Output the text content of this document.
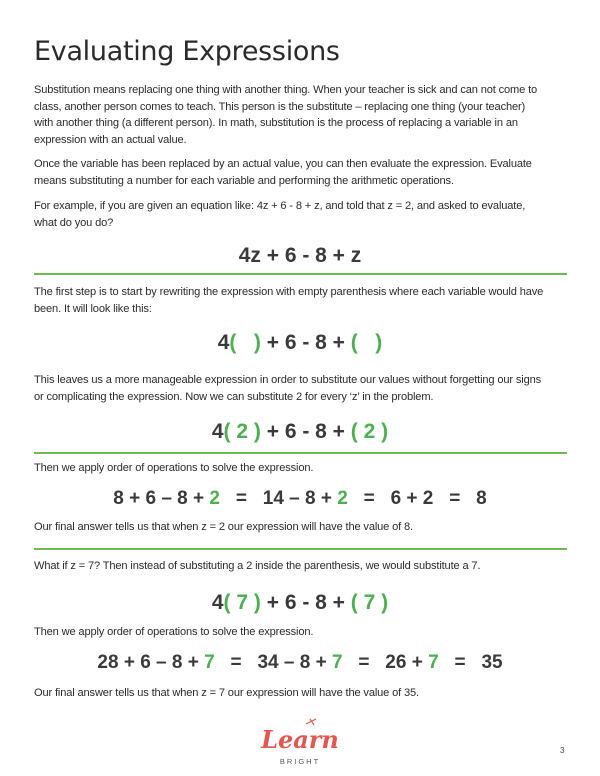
Evaluating Expressions
Substitution means replacing one thing with another thing. When your teacher is sick and can not come to
class, another person comes to teach. This person is the substitute – replacing one thing (your teacher)
with another thing (a different person). In math, substitution is the process of replacing a variable in an
expression with an actual value.
Once the variable has been replaced by an actual value, you can then evaluate the expression. Evaluate
means substituting a number for each variable and performing the arithmetic operations.
For example, if you are given an equation like: 4z + 6 - 8 + z, and told that z = 2, and asked to evaluate,
what do you do?
4z + 6 - 8 + z
The first step is to start by rewriting the expression with empty parenthesis where each variable would have
been. It will look like this:
4(   ) + 6 - 8 + (   )
This leaves us a more manageable expression in order to substitute our values without forgetting our signs
or complicating the expression. Now we can substitute 2 for every ‘z’ in the problem.
4( 2 ) + 6 - 8 + ( 2 )
Then we apply order of operations to solve the expression.
8 + 6 – 8 + 2   =   14 – 8 + 2   =   6 + 2   =   8
Our final answer tells us that when z = 2 our expression will have the value of 8.
What if z = 7? Then instead of substituting a 2 inside the parenthesis, we would substitute a 7.
4( 7 ) + 6 - 8 + ( 7 )
Then we apply order of operations to solve the expression.
28 + 6 – 8 + 7   =   34 – 8 + 7   =   26 + 7   =   35
Our final answer tells us that when z = 7 our expression will have the value of 35.
Learn
BRIGHT
3
